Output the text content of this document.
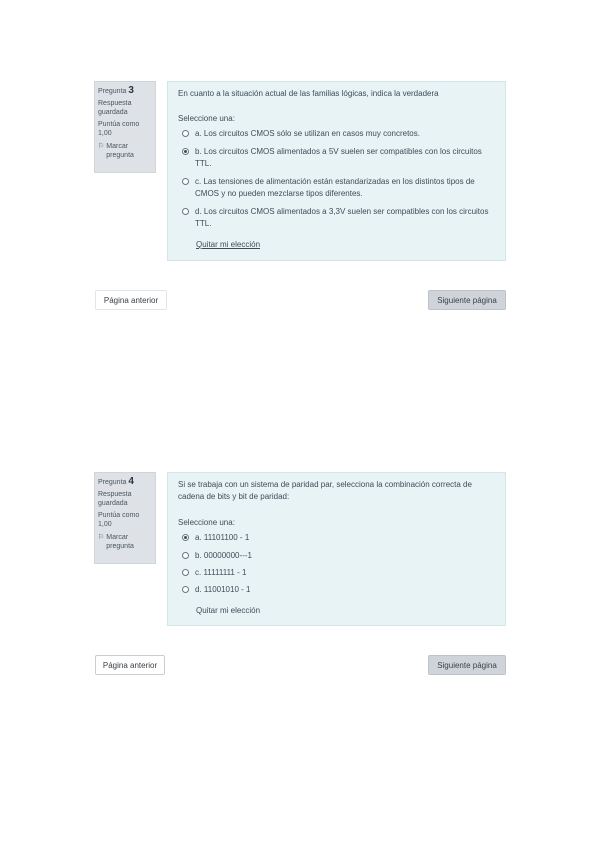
Pregunta 3
Respuesta guardada
Puntúa como 1,00
⚐ Marcar pregunta
En cuanto a la situación actual de las familias lógicas, indica la verdadera
Seleccione una:
a. Los circuitos CMOS sólo se utilizan en casos muy concretos.
b. Los circuitos CMOS alimentados a 5V suelen ser compatibles con los circuitos TTL.
c. Las tensiones de alimentación están estandarizadas en los distintos tipos de CMOS y no pueden mezclarse tipos diferentes.
d. Los circuitos CMOS alimentados a 3,3V suelen ser compatibles con los circuitos TTL.
Quitar mi elección
Página anterior	Siguiente página
Pregunta 4
Respuesta guardada
Puntúa como 1,00
⚐ Marcar pregunta
Si se trabaja con un sistema de paridad par, selecciona la combinación correcta de cadena de bits y bit de paridad:
Seleccione una:
a. 11101100 - 1
b. 00000000---1
c. 11111111 - 1
d. 11001010 - 1
Quitar mi elección
Página anterior	Siguiente página
